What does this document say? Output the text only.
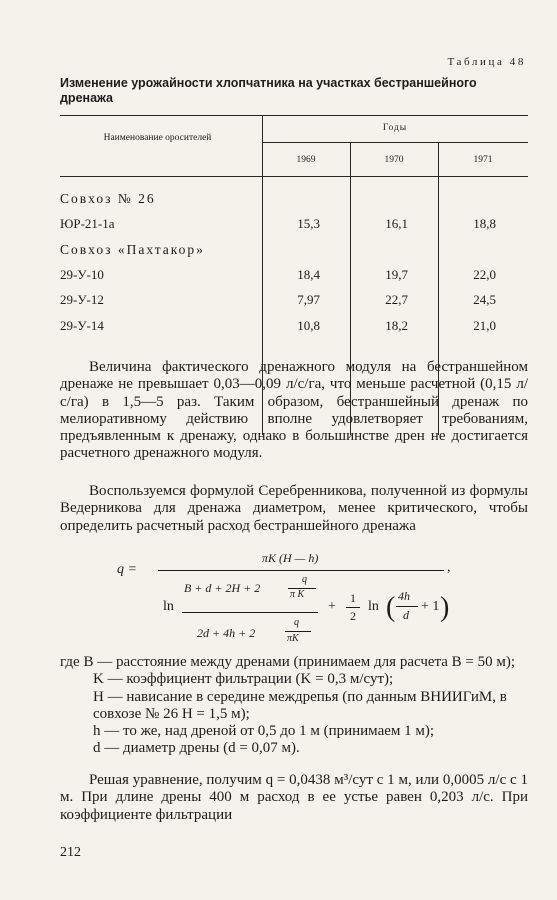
Таблица 48
Изменение урожайности хлопчатника на участках бестраншейного дренажа
Наименование оросителей
Годы
1969	1970	1971
Совхоз № 26
ЮР-21-1а	15,3	16,1	18,8
Совхоз «Пахтакор»
29-У-10	18,4	19,7	22,0
29-У-12	7,97	22,7	24,5
29-У-14	10,8	18,2	21,0
Величина фактического дренажного модуля на бестраншейном дренаже не превышает 0,03—0,09 л/с/га, что меньше расчетной (0,15 л/с/га) в 1,5—5 раз. Таким образом, бестраншейный дренаж по мелиоративному действию вполне удовлетворяет требованиям, предъявленным к дренажу, однако в большинстве дрен не достигается расчетного дренажного модуля.
Воспользуемся формулой Серебренникова, полученной из формулы Ведерникова для дренажа диаметром, менее критического, чтобы определить расчетный расход бестраншейного дренажа
q =
πK (H — h)
,
ln
B + d + 2H + 2
q
π K
2d + 4h + 2
q
πK
+
1
2
ln ( 4h
d
+ 1 )
где B — расстояние между дренами (принимаем для расчета B = 50 м);
K — коэффициент фильтрации (K = 0,3 м/сут);
H — нависание в середине междрепья (по данным ВНИИГиМ, в совхозе № 26 H = 1,5 м);
h — то же, над дреной от 0,5 до 1 м (принимаем 1 м);
d — диаметр дрены (d = 0,07 м).
Решая уравнение, получим q = 0,0438 м³/сут с 1 м, или 0,0005 л/с с 1 м. При длине дрены 400 м расход в ее устье равен 0,203 л/с. При коэффициенте фильтрации
212
